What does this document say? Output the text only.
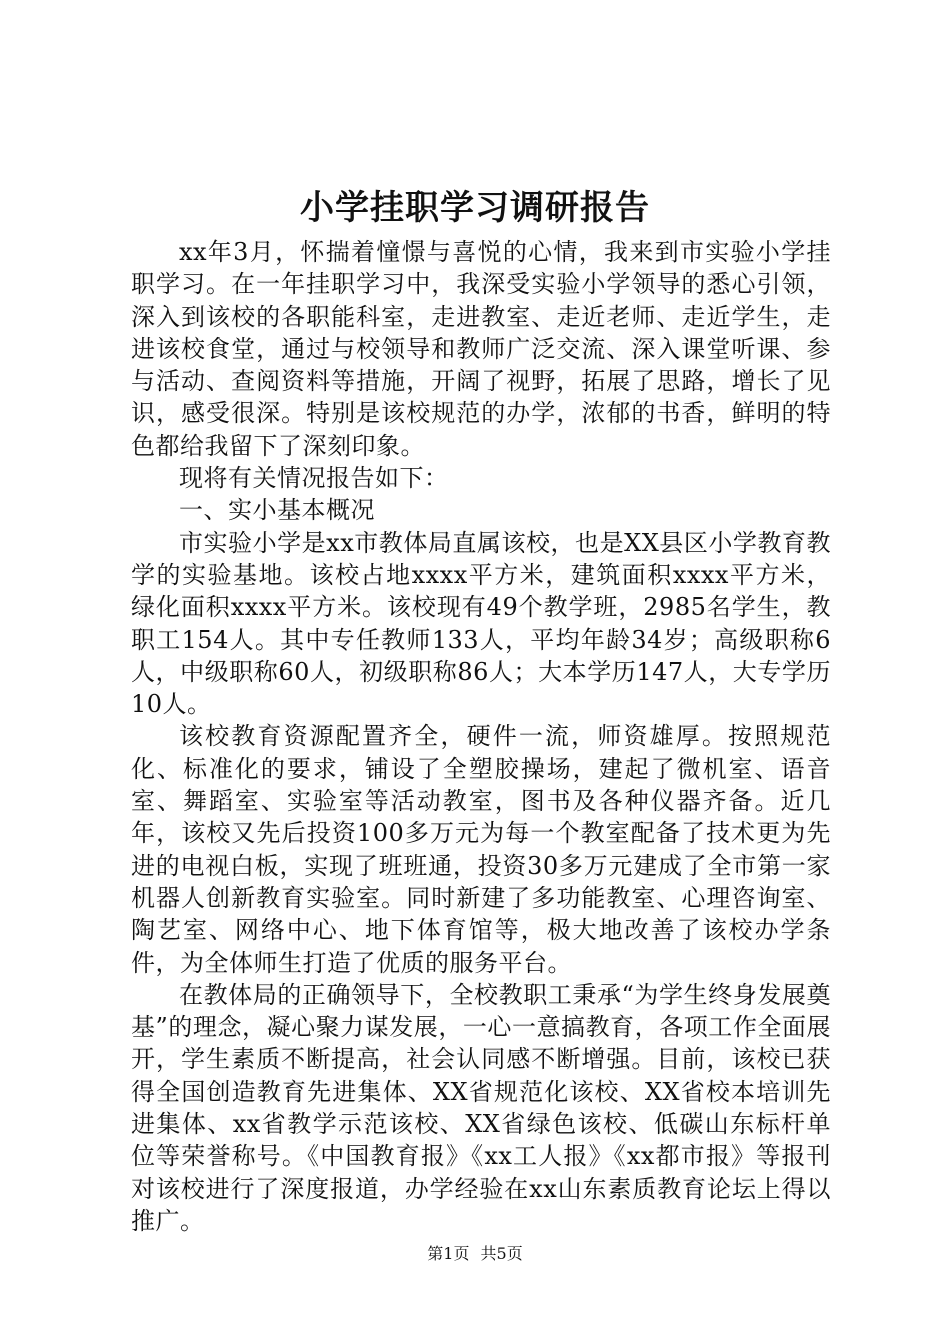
小学挂职学习调研报告

xx年3月，怀揣着憧憬与喜悦的心情，我来到市实验小学挂职学习。在一年挂职学习中，我深受实验小学领导的悉心引领，深入到该校的各职能科室，走进教室、走近老师、走近学生，走进该校食堂，通过与校领导和教师广泛交流、深入课堂听课、参与活动、查阅资料等措施，开阔了视野，拓展了思路，增长了见识，感受很深。特别是该校规范的办学，浓郁的书香，鲜明的特色都给我留下了深刻印象。

现将有关情况报告如下：

一、实小基本概况

市实验小学是xx市教体局直属该校，也是XX县区小学教育教学的实验基地。该校占地xxxx平方米，建筑面积xxxx平方米，绿化面积xxxx平方米。该校现有49个教学班，2985名学生，教职工154人。其中专任教师133人，平均年龄34岁；高级职称6人，中级职称60人，初级职称86人；大本学历147人，大专学历10人。

该校教育资源配置齐全，硬件一流，师资雄厚。按照规范化、标准化的要求，铺设了全塑胶操场，建起了微机室、语音室、舞蹈室、实验室等活动教室，图书及各种仪器齐备。近几年，该校又先后投资100多万元为每一个教室配备了技术更为先进的电视白板，实现了班班通，投资30多万元建成了全市第一家机器人创新教育实验室。同时新建了多功能教室、心理咨询室、陶艺室、网络中心、地下体育馆等，极大地改善了该校办学条件，为全体师生打造了优质的服务平台。

在教体局的正确领导下，全校教职工秉承“为学生终身发展奠基”的理念，凝心聚力谋发展，一心一意搞教育，各项工作全面展开，学生素质不断提高，社会认同感不断增强。目前，该校已获得全国创造教育先进集体、XX省规范化该校、XX省校本培训先进集体、xx省教学示范该校、XX省绿色该校、低碳山东标杆单位等荣誉称号。《中国教育报》《xx工人报》《xx都市报》等报刊对该校进行了深度报道，办学经验在xx山东素质教育论坛上得以推广。

第1页 共5页
